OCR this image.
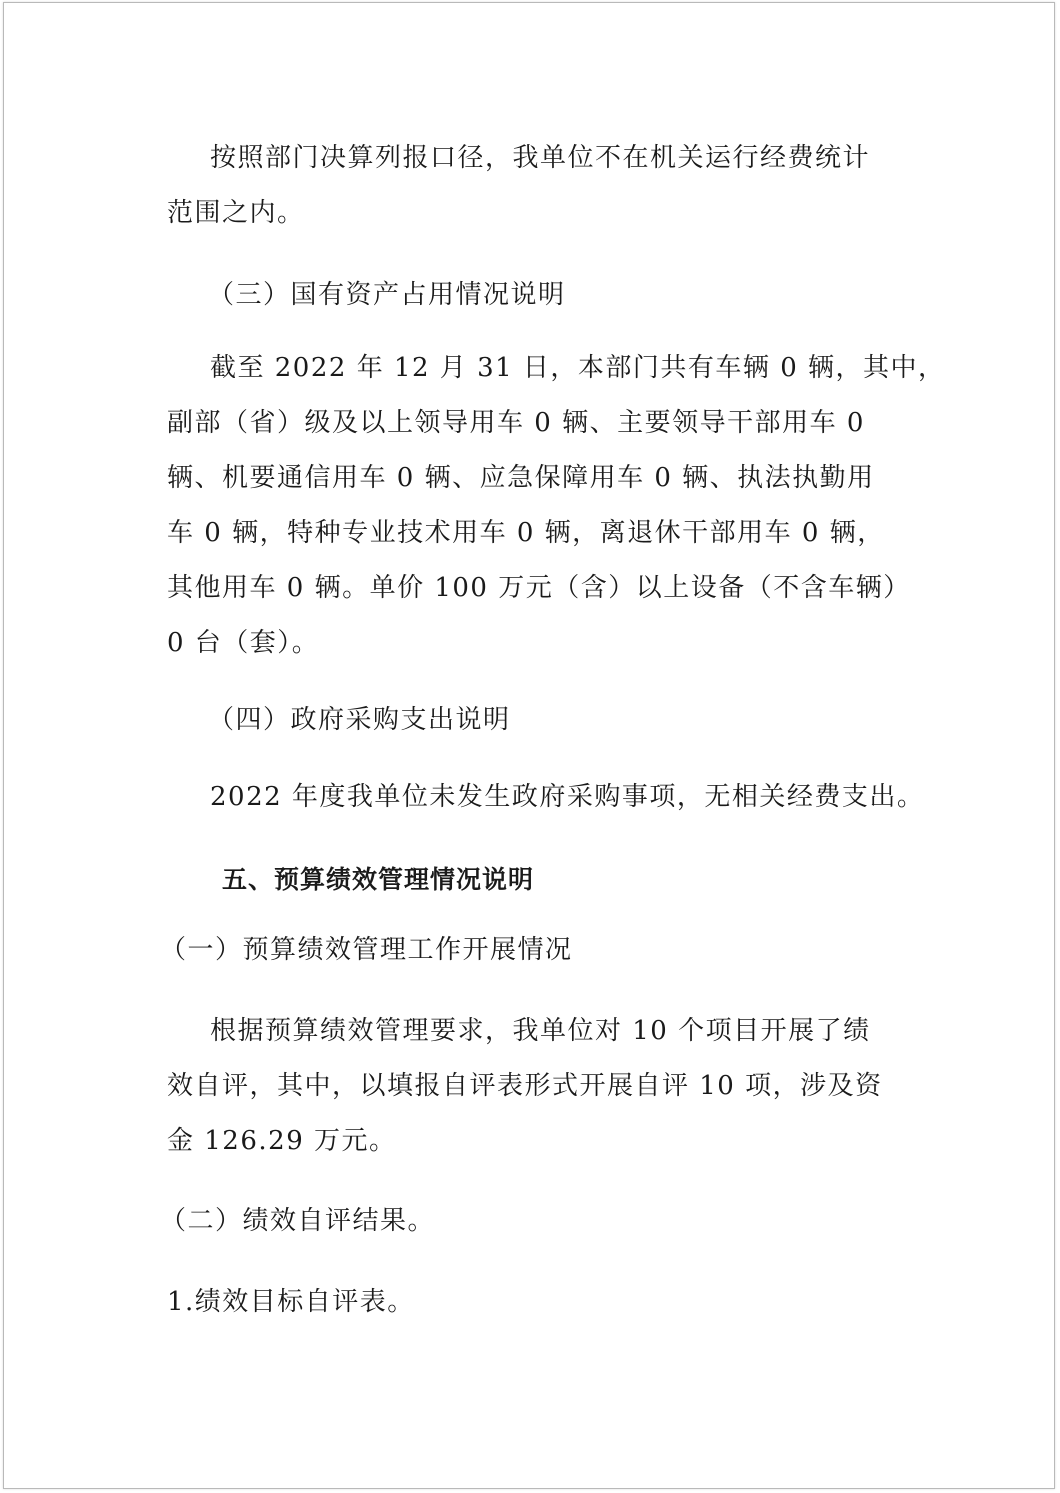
按照部门决算列报口径，我单位不在机关运行经费统计
范围之内。
（三）国有资产占用情况说明
截至 2022 年 12 月 31 日，本部门共有车辆 0 辆，其中，
副部（省）级及以上领导用车 0 辆、主要领导干部用车 0
辆、机要通信用车 0 辆、应急保障用车 0 辆、执法执勤用
车 0 辆，特种专业技术用车 0 辆，离退休干部用车 0 辆，
其他用车 0 辆。单价 100 万元（含）以上设备（不含车辆）
0 台（套）。
（四）政府采购支出说明
2022 年度我单位未发生政府采购事项，无相关经费支出。
五、预算绩效管理情况说明
（一）预算绩效管理工作开展情况
根据预算绩效管理要求，我单位对 10 个项目开展了绩
效自评，其中，以填报自评表形式开展自评 10 项，涉及资
金 126.29 万元。
（二）绩效自评结果。
1.绩效目标自评表。
